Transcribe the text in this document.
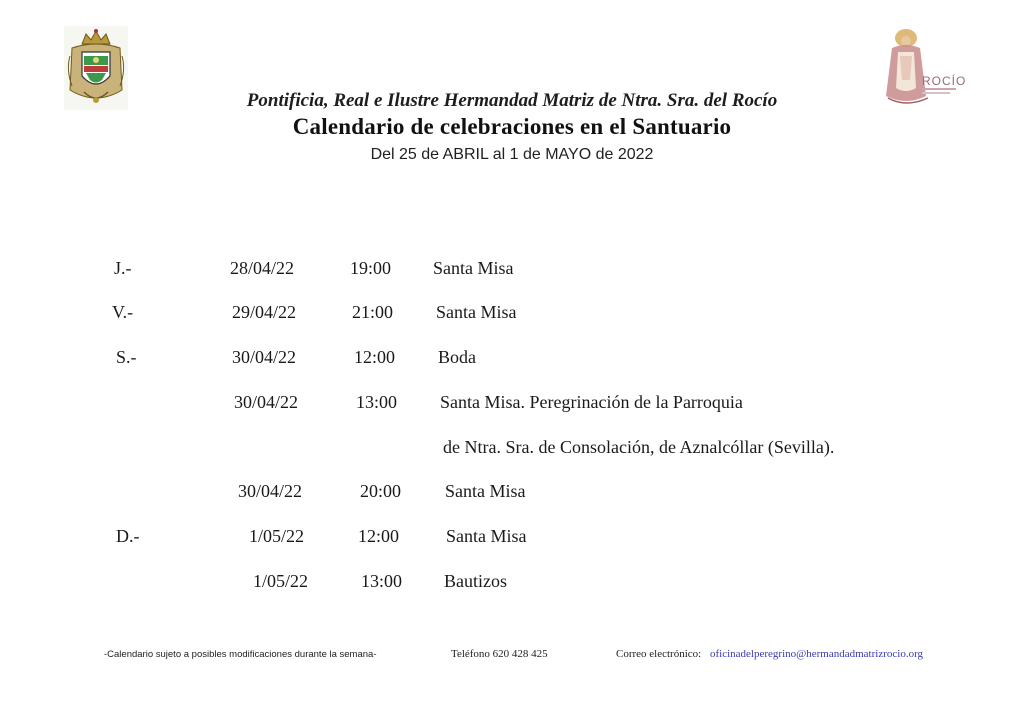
ROCÍO
Pontificia, Real e Ilustre Hermandad Matriz de Ntra. Sra. del Rocío
Calendario de celebraciones en el Santuario
Del 25 de ABRIL al 1 de MAYO de 2022
J.-	28/04/22	19:00 Santa Misa
V.-	29/04/22	21:00 Santa Misa
S.-	30/04/22	12:00 Boda
30/04/22	13:00 Santa Misa. Peregrinación de la Parroquia
de Ntra. Sra. de Consolación, de Aznalcóllar (Sevilla).
30/04/22	20:00 Santa Misa
D.-	1/05/22	12:00	Santa Misa
1/05/22	13:00 Bautizos
-Calendario sujeto a posibles modificaciones durante la semana-	Teléfono 620 428 425	Correo electrónico: oficinadelperegrino@hermandadmatrizrocio.org
